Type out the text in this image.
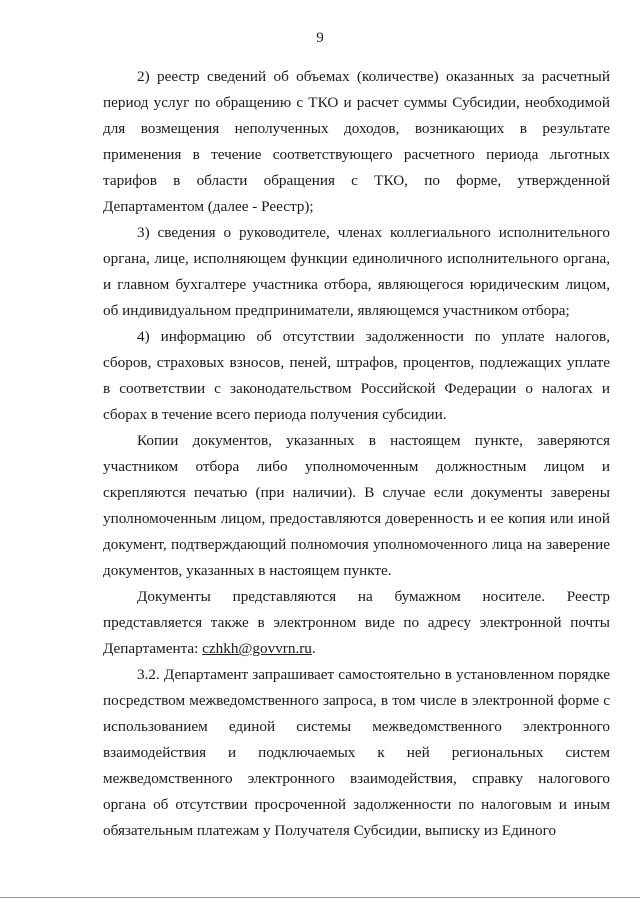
9

2) реестр сведений об объемах (количестве) оказанных за расчетный период услуг по обращению с ТКО и расчет суммы Субсидии, необходимой для возмещения неполученных доходов, возникающих в результате применения в течение соответствующего расчетного периода льготных тарифов в области обращения с ТКО, по форме, утвержденной Департаментом (далее - Реестр);

3) сведения о руководителе, членах коллегиального исполнительного органа, лице, исполняющем функции единоличного исполнительного органа, и главном бухгалтере участника отбора, являющегося юридическим лицом, об индивидуальном предприниматели, являющемся участником отбора;

4) информацию об отсутствии задолженности по уплате налогов, сборов, страховых взносов, пеней, штрафов, процентов, подлежащих уплате в соответствии с законодательством Российской Федерации о налогах и сборах в течение всего периода получения субсидии.

Копии документов, указанных в настоящем пункте, заверяются участником отбора либо уполномоченным должностным лицом и скрепляются печатью (при наличии). В случае если документы заверены уполномоченным лицом, предоставляются доверенность и ее копия или иной документ, подтверждающий полномочия уполномоченного лица на заверение документов, указанных в настоящем пункте.

Документы представляются на бумажном носителе. Реестр представляется также в электронном виде по адресу электронной почты Департамента: czhkh@govvrn.ru.

3.2. Департамент запрашивает самостоятельно в установленном порядке посредством межведомственного запроса, в том числе в электронной форме с использованием единой системы межведомственного электронного взаимодействия и подключаемых к ней региональных систем межведомственного электронного взаимодействия, справку налогового органа об отсутствии просроченной задолженности по налоговым и иным обязательным платежам у Получателя Субсидии, выписку из Единого
